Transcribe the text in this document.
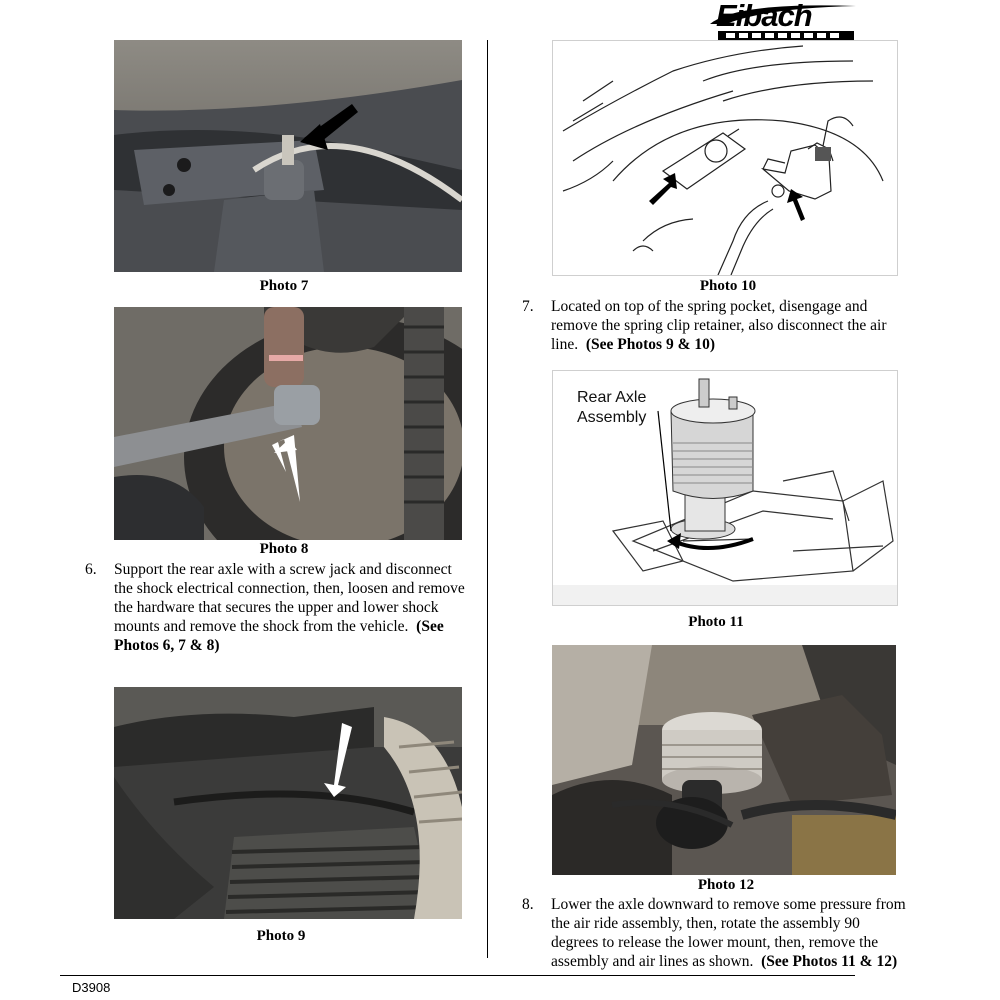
Eibach
Photo 7
Photo 8
6. Support the rear axle with a screw jack and disconnect
the shock electrical connection, then, loosen and remove
the hardware that secures the upper and lower shock
mounts and remove the shock from the vehicle. (See
Photos 6, 7 & 8)
Photo 9
Photo 10
7. Located on top of the spring pocket, disengage and
remove the spring clip retainer, also disconnect the air
line. (See Photos 9 & 10)
Rear Axle
Assembly
Photo 11
Photo 12
8. Lower the axle downward to remove some pressure from
the air ride assembly, then, rotate the assembly 90
degrees to release the lower mount, then, remove the
assembly and air lines as shown. (See Photos 11 & 12)
D3908
